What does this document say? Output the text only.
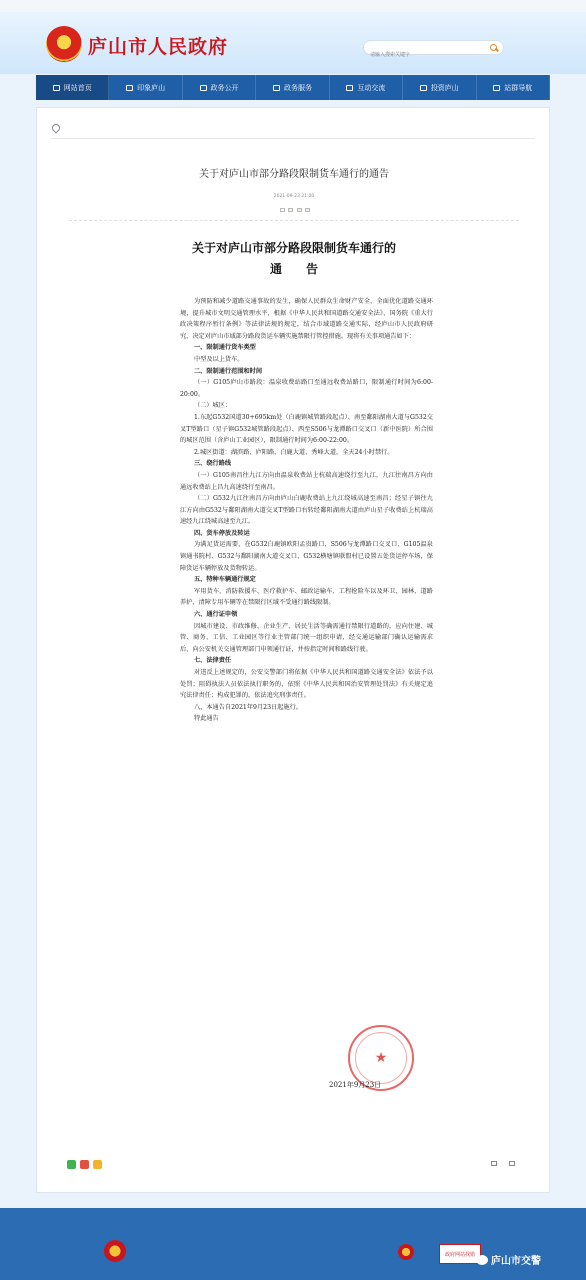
庐山市人民政府
请输入搜索关键字
网站首页	印象庐山	政务公开	政务服务	互动交流	投资庐山	站群导航
关于对庐山市部分路段限制货车通行的通告
2021-09-23 21:00

关于对庐山市部分路段限制货车通行的
通　　告

为预防和减少道路交通事故的发生，确保人民群众生命财产安全，全面优化道路交通环境，提升城市文明交通管理水平，根据《中华人民共和国道路交通安全法》、国务院《重大行政决策程序暂行条例》等法律法规的规定，结合市域道路交通实际，经庐山市人民政府研究，决定对庐山市域部分路段货运车辆实施禁限行管控措施。现将有关事项通告如下：

一、限制通行货车类型

中型及以上货车。

二、限制通行范围和时间

（一）G105庐山市路段：温泉收费站路口至通远收费站路口，限制通行时间为6:00-20:00。

（二）城区：

1.东起G532国道30+695km处（白鹿镇城管路段起点）、南至鄱阳湖南大道与G532交叉T型路口（星子镇G532城管路段起点）、西至S506与龙潭路口交叉口（新中医院）所合围的城区范围（含庐山工业园区），限制通行时间为6:00-22:00。

2.城区街道：湖滨路、庐阳路、白鹿大道、秀峰大道，全天24小时禁行。

三、绕行路线

（一）G105南昌往九江方向由温泉收费站上杭瑞高速绕行至九江，九江往南昌方向由通远收费站上昌九高速绕行至南昌。

（二）G532九江往南昌方向由庐山白鹿收费站上九江绕城高速至南昌；经星子镇往九江方向由G532与鄱阳湖南大道交叉T型路口右转经鄱阳湖南大道由庐山星子收费站上杭瑞高速经九江绕城高速至九江。

四、货车停放及转运

为满足货运需要，在G532白鹿镇欧阳孟贵路口、S506与龙潭路口交叉口、G105温泉镇通书院村、G532与鄱阳湖南大道交叉口、G532横塘镇联盟村已设置五处货运停车场，保障货运车辆停放及货物转运。

五、特种车辆通行规定

军用货车、消防救援车、医疗救护车、邮政运输车、工程抢险车以及环卫、园林、道路养护、清障专用车辆等在禁限行区域不受通行路线限制。

六、通行证申领

因城市建设、市政维修、企业生产、居民生活等确需通行禁限行道路的，应向住建、城管、商务、工信、工业园区等行业主管部门统一组织申请，经交通运输部门确认运输需求后，向公安机关交通管理部门申领通行证，并按指定时间和路线行驶。

七、法律责任

对违反上述规定的，公安交警部门将依据《中华人民共和国道路交通安全法》依法予以处罚；阻碍执法人员依法执行职务的，依照《中华人民共和国治安管理处罚法》有关规定追究法律责任；构成犯罪的，依法追究刑事责任。

八、本通告自2021年9月23日起施行。

特此通告

★
2021年9月23日
政府网站找错
庐山市交警
